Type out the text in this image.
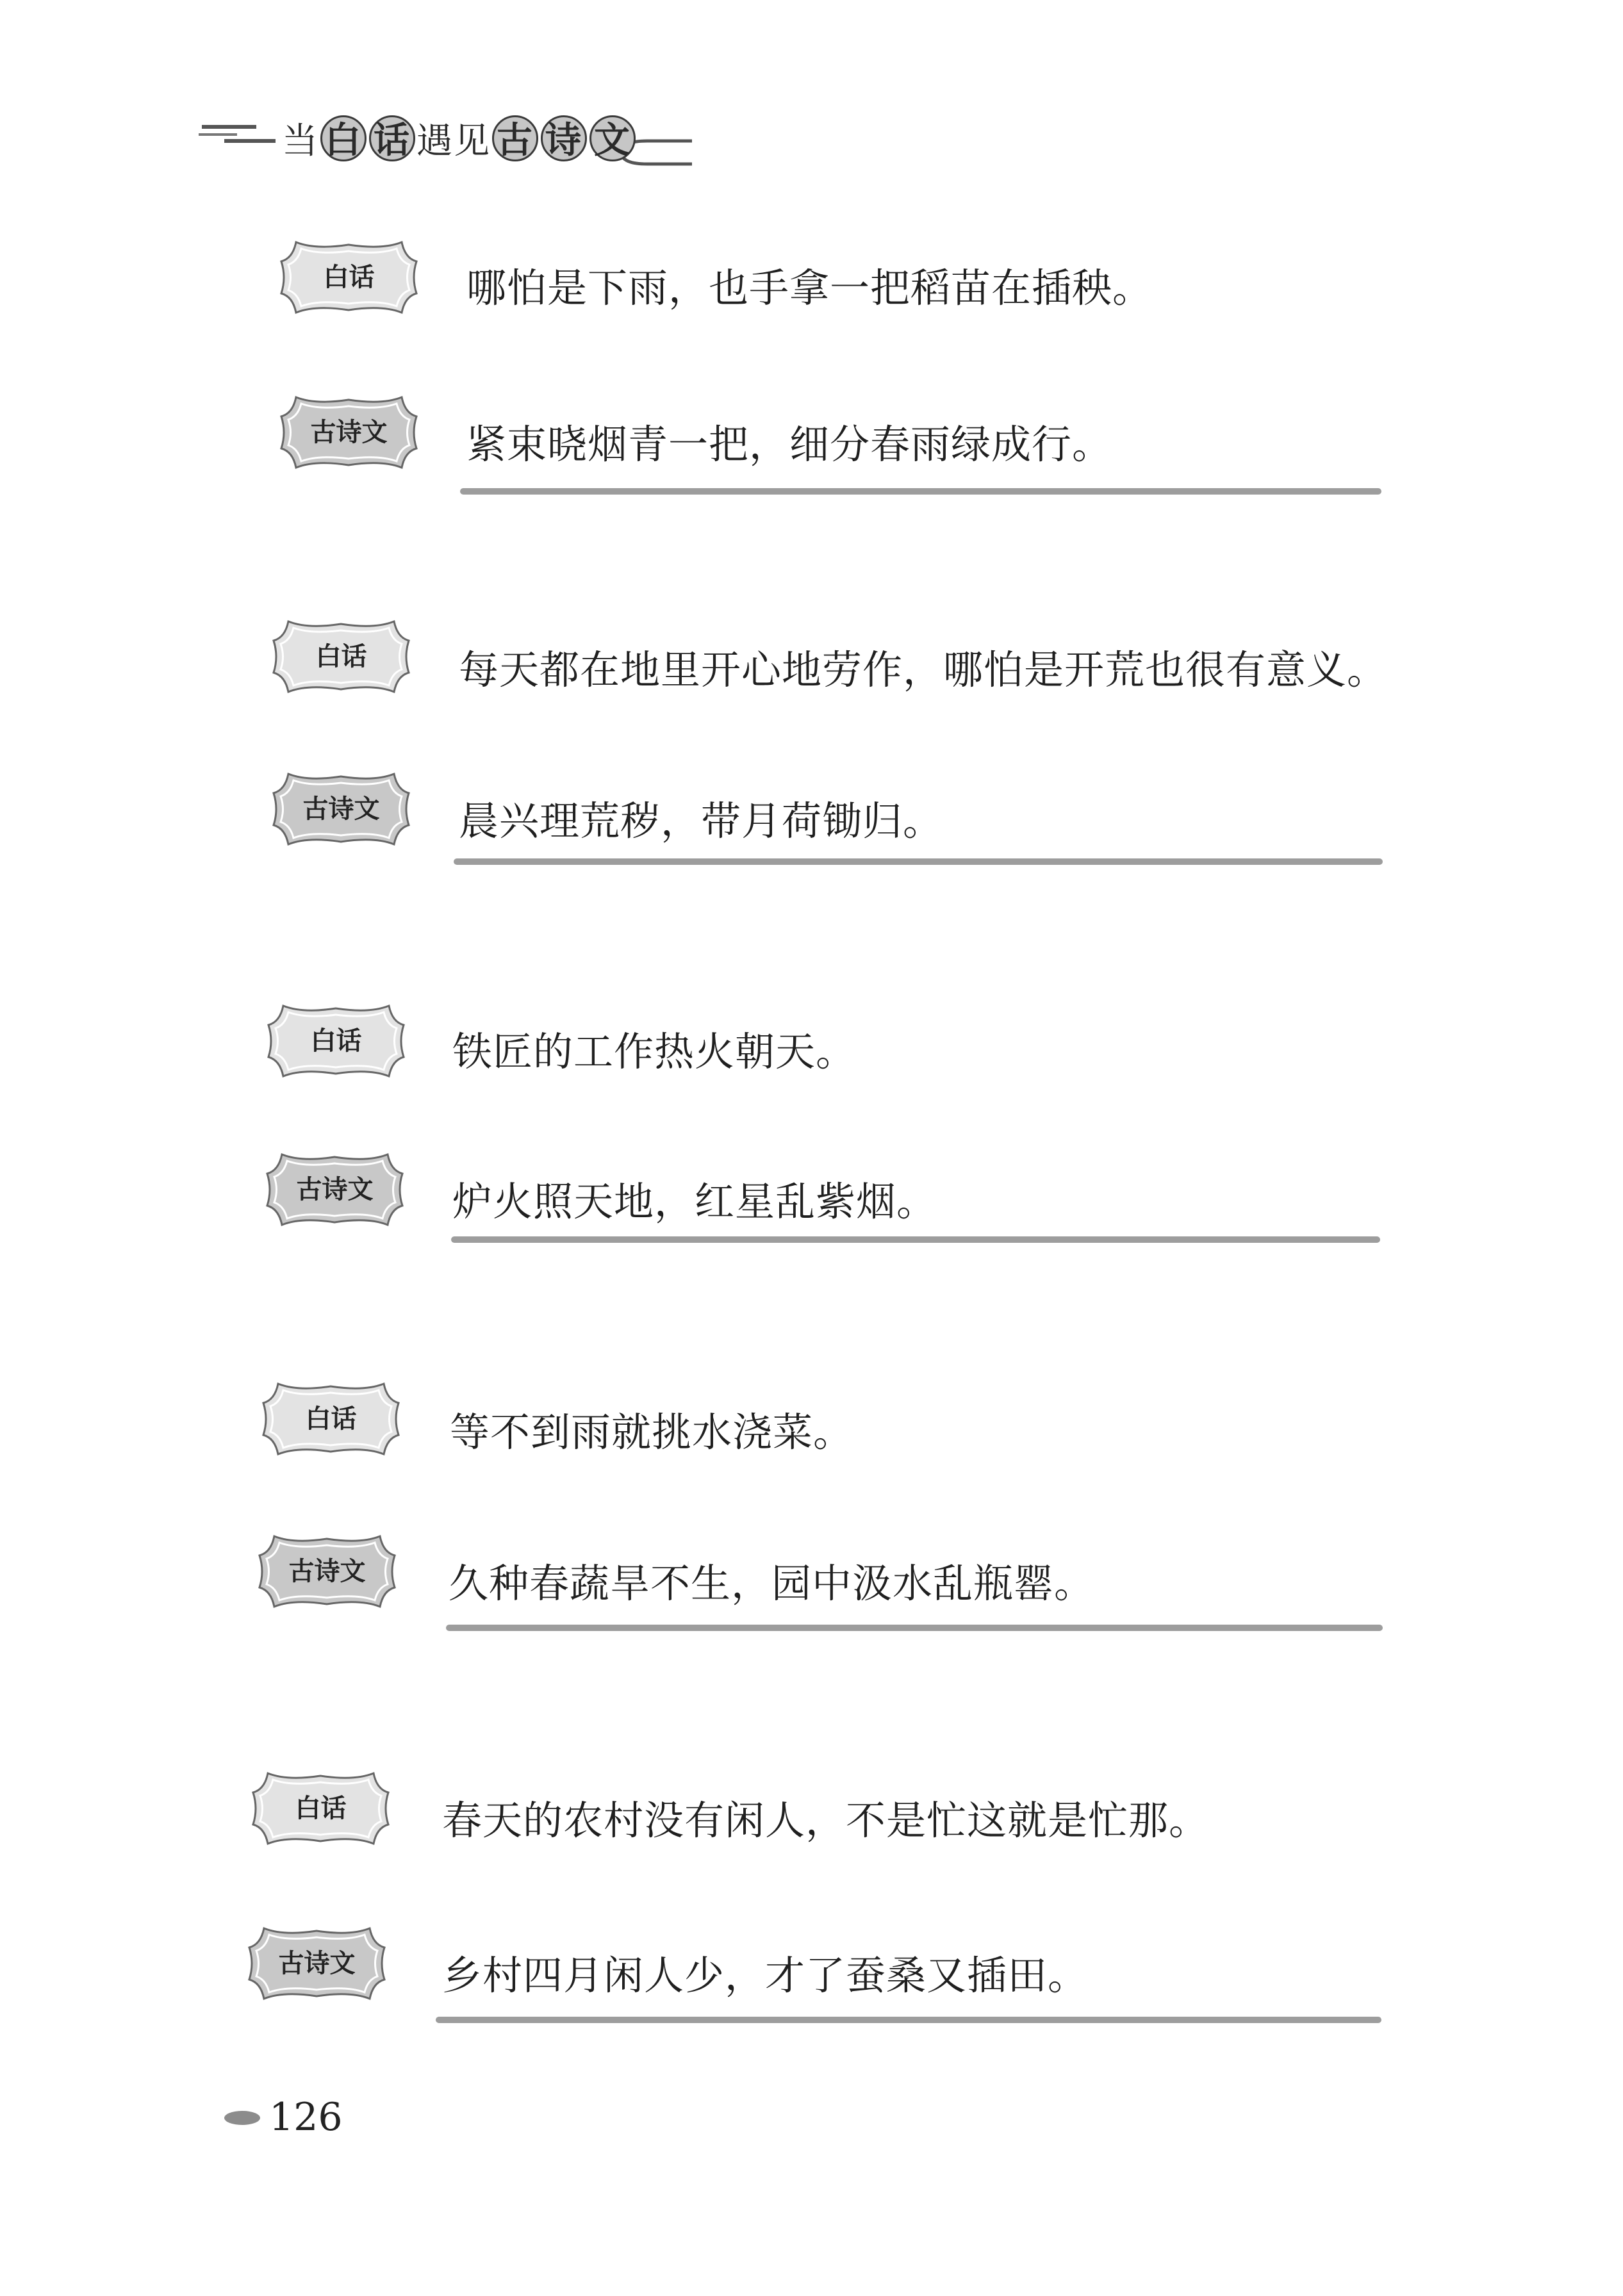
当 白 话 遇见 古 诗 文
白话	哪怕是下雨，也手拿一把稻苗在插秧。
古诗文	紧束晓烟青一把，细分春雨绿成行。
白话	每天都在地里开心地劳作，哪怕是开荒也很有意义。
古诗文	晨兴理荒秽，带月荷锄归。
白话	铁匠的工作热火朝天。
古诗文	炉火照天地，红星乱紫烟。
白话	等不到雨就挑水浇菜。
古诗文	久种春蔬旱不生，园中汲水乱瓶罂。
白话	春天的农村没有闲人，不是忙这就是忙那。
古诗文	乡村四月闲人少，才了蚕桑又插田。
126
